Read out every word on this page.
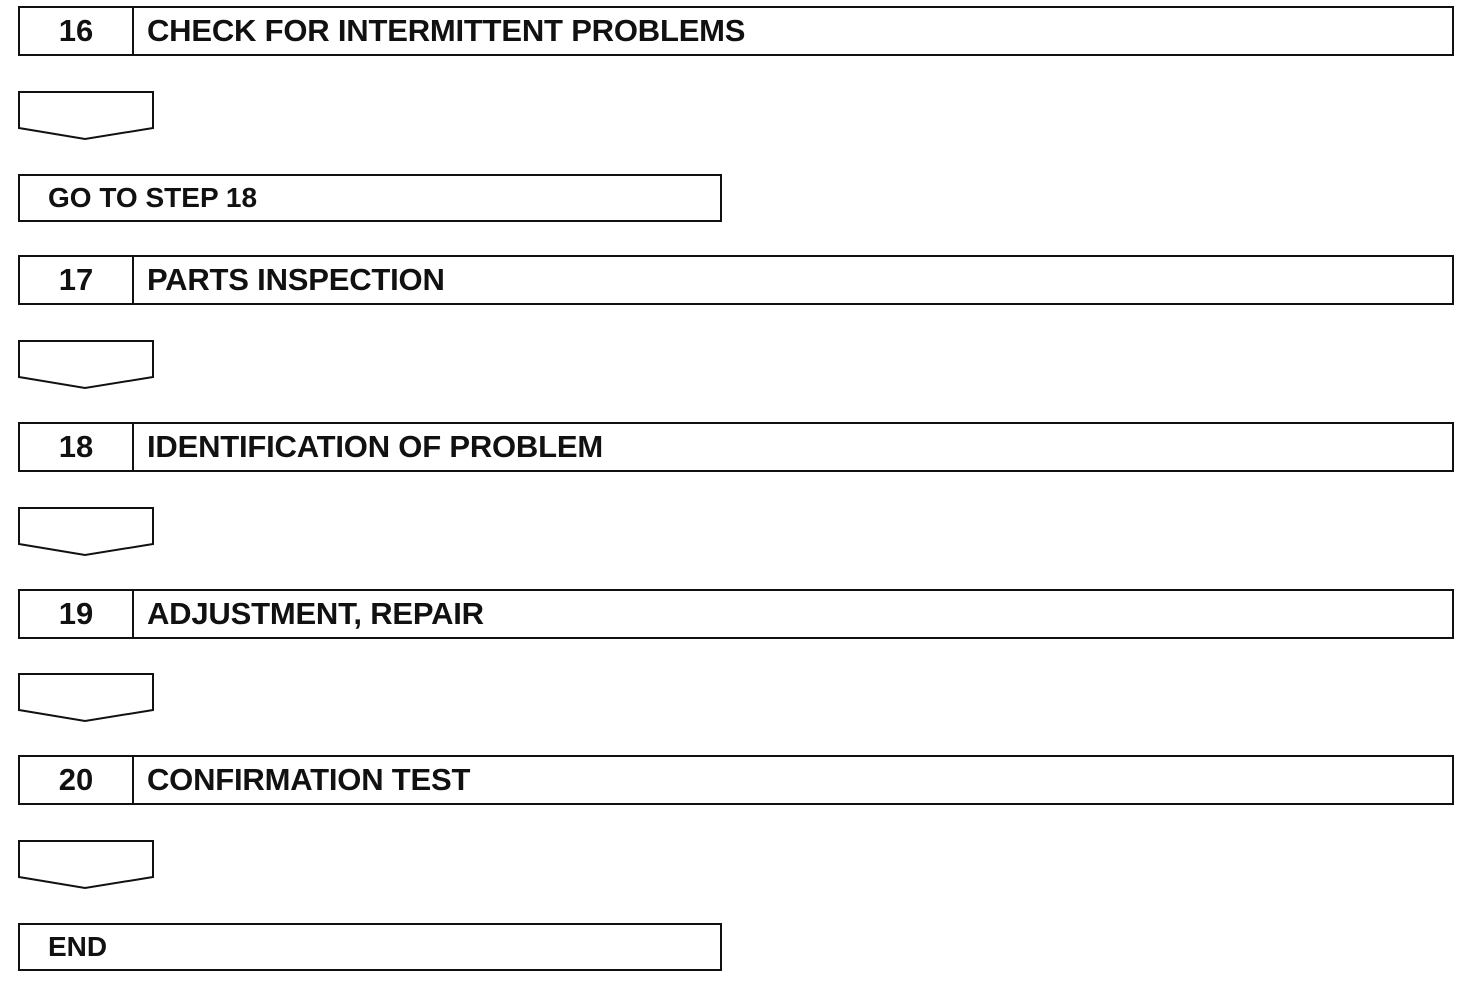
16	CHECK FOR INTERMITTENT PROBLEMS
GO TO STEP 18
17	PARTS INSPECTION
18	IDENTIFICATION OF PROBLEM
19	ADJUSTMENT, REPAIR
20	CONFIRMATION TEST
END
